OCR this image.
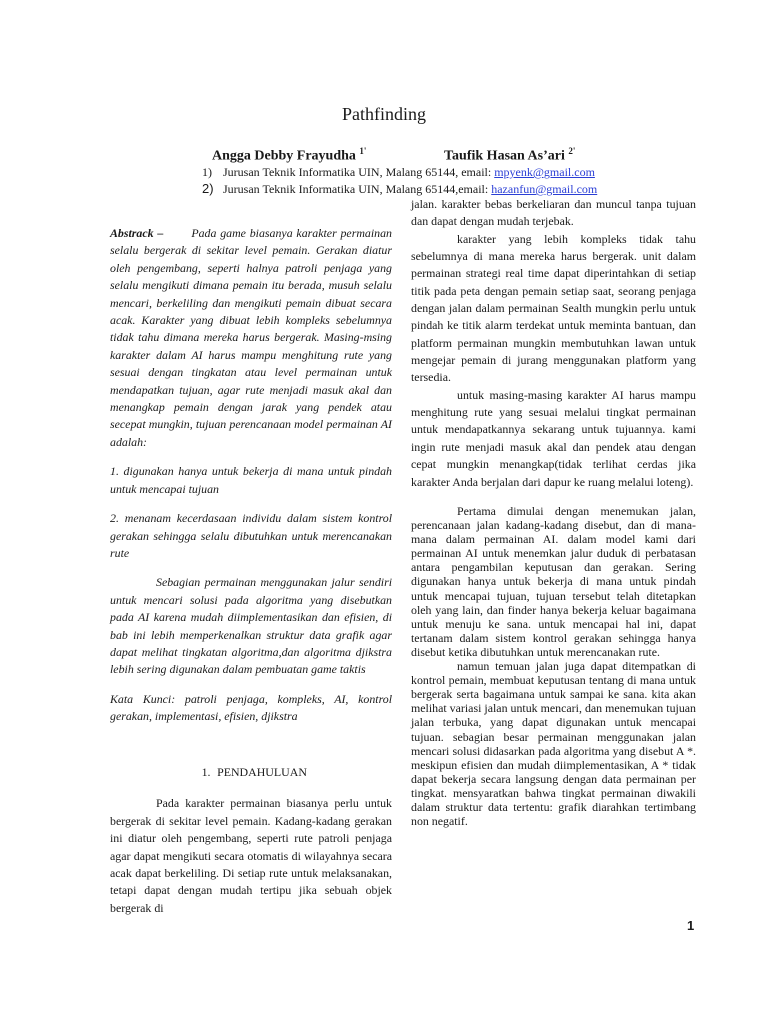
Pathfinding
Angga Debby Frayudha $^{1'}$	Taufik Hasan As’ari $^{2'}$
1) Jurusan Teknik Informatika UIN, Malang 65144, email: mpyenk@gmail.com
2) Jurusan Teknik Informatika UIN, Malang 65144,email: hazanfun@gmail.com

Abstrack – Pada game biasanya karakter permainan selalu bergerak di sekitar level pemain. Gerakan diatur oleh pengembang, seperti halnya patroli penjaga yang selalu mengikuti dimana pemain itu berada, musuh selalu mencari, berkeliling dan mengikuti pemain dibuat secara acak. Karakter yang dibuat lebih kompleks sebelumnya tidak tahu dimana mereka harus bergerak. Masing-msing karakter dalam AI harus mampu menghitung rute yang sesuai dengan tingkatan atau level permainan untuk mendapatkan tujuan, agar rute menjadi masuk akal dan menangkap pemain dengan jarak yang pendek atau secepat mungkin, tujuan perencanaan model permainan AI adalah:

1. digunakan hanya untuk bekerja di mana untuk pindah untuk mencapai tujuan

2. menanam kecerdasaan individu dalam sistem kontrol gerakan sehingga selalu dibutuhkan untuk merencanakan rute

Sebagian permainan menggunakan jalur sendiri untuk mencari solusi pada algoritma yang disebutkan pada AI karena mudah diimplementasikan dan efisien, di bab ini lebih memperkenalkan struktur data grafik agar dapat melihat tingkatan algoritma,dan algoritma djikstra lebih sering digunakan dalam pembuatan game taktis

Kata Kunci: patroli penjaga, kompleks, AI, kontrol gerakan, implementasi, efisien, djikstra

1. PENDAHULUAN

Pada karakter permainan biasanya perlu untuk bergerak di sekitar level pemain. Kadang-kadang gerakan ini diatur oleh pengembang, seperti rute patroli penjaga agar dapat mengikuti secara otomatis di wilayahnya secara acak dapat berkeliling. Di setiap rute untuk melaksanakan, tetapi dapat dengan mudah tertipu jika sebuah objek bergerak di

jalan. karakter bebas berkeliaran dan muncul tanpa tujuan dan dapat dengan mudah terjebak.

karakter yang lebih kompleks tidak tahu sebelumnya di mana mereka harus bergerak. unit dalam permainan strategi real time dapat diperintahkan di setiap titik pada peta dengan pemain setiap saat, seorang penjaga dengan jalan dalam permainan Sealth mungkin perlu untuk pindah ke titik alarm terdekat untuk meminta bantuan, dan platform permainan mungkin membutuhkan lawan untuk mengejar pemain di jurang menggunakan platform yang tersedia.

untuk masing-masing karakter AI harus mampu menghitung rute yang sesuai melalui tingkat permainan untuk mendapatkannya sekarang untuk tujuannya. kami ingin rute menjadi masuk akal dan pendek atau dengan cepat mungkin menangkap(tidak terlihat cerdas jika karakter Anda berjalan dari dapur ke ruang melalui loteng).

Pertama dimulai dengan menemukan jalan, perencanaan jalan kadang-kadang disebut, dan di mana-mana dalam permainan AI. dalam model kami dari permainan AI untuk menemkan jalur duduk di perbatasan antara pengambilan keputusan dan gerakan. Sering digunakan hanya untuk bekerja di mana untuk pindah untuk mencapai tujuan, tujuan tersebut telah ditetapkan oleh yang lain, dan finder hanya bekerja keluar bagaimana untuk menuju ke sana. untuk mencapai hal ini, dapat tertanam dalam sistem kontrol gerakan sehingga hanya disebut ketika dibutuhkan untuk merencanakan rute.

namun temuan jalan juga dapat ditempatkan di kontrol pemain, membuat keputusan tentang di mana untuk bergerak serta bagaimana untuk sampai ke sana. kita akan melihat variasi jalan untuk mencari, dan menemukan tujuan jalan terbuka, yang dapat digunakan untuk mencapai tujuan. sebagian besar permainan menggunakan jalan mencari solusi didasarkan pada algoritma yang disebut A *. meskipun efisien dan mudah diimplementasikan, A * tidak dapat bekerja secara langsung dengan data permainan per tingkat. mensyaratkan bahwa tingkat permainan diwakili dalam struktur data tertentu: grafik diarahkan tertimbang non negatif.

1
